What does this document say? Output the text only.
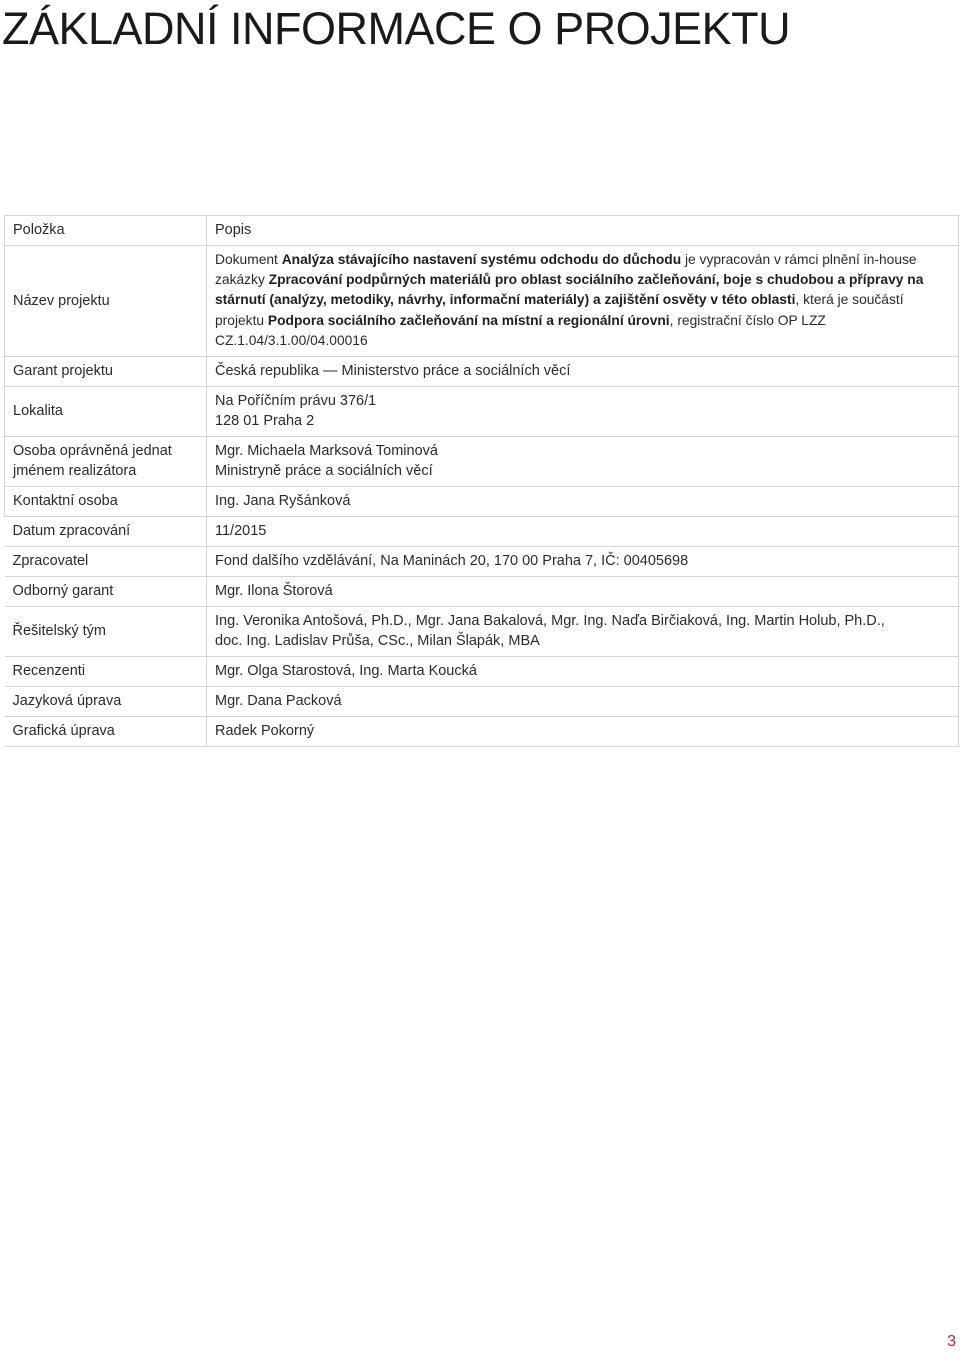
ZÁKLADNÍ INFORMACE O PROJEKTU
Položka	Popis
Název projektu	Dokument Analýza stávajícího nastavení systému odchodu do důchodu je vypracován v rámci plnění in-house zakázky Zpracování podpůrných materiálů pro oblast sociálního začleňování, boje s chudobou a přípravy na stárnutí (analýzy, metodiky, návrhy, informační materiály) a zajištění osvěty v této oblasti, která je součástí projektu Podpora sociálního začleňování na místní a regionální úrovni, registrační číslo OP LZZ CZ.1.04/3.1.00/04.00016
Garant projektu	Česká republika — Ministerstvo práce a sociálních věcí
Lokalita	Na Poříčním právu 376/1
128 01 Praha 2

Osoba oprávněná jednat
jménem realizátora	Mgr. Michaela Marksová Tominová
Ministryně práce a sociálních věcí

Kontaktní osoba	Ing. Jana Ryšánková
Datum zpracování	11/2015
Zpracovatel	Fond dalšího vzdělávání, Na Maninách 20, 170 00 Praha 7, IČ: 00405698
Odborný garant	Mgr. Ilona Štorová
Řešitelský tým	Ing. Veronika Antošová, Ph.D., Mgr. Jana Bakalová, Mgr. Ing. Naďa Birčiaková, Ing. Martin Holub, Ph.D.,
doc. Ing. Ladislav Průša, CSc., Milan Šlapák, MBA

Recenzenti	Mgr. Olga Starostová, Ing. Marta Koucká
Jazyková úprava	Mgr. Dana Packová
Grafická úprava	Radek Pokorný
3
